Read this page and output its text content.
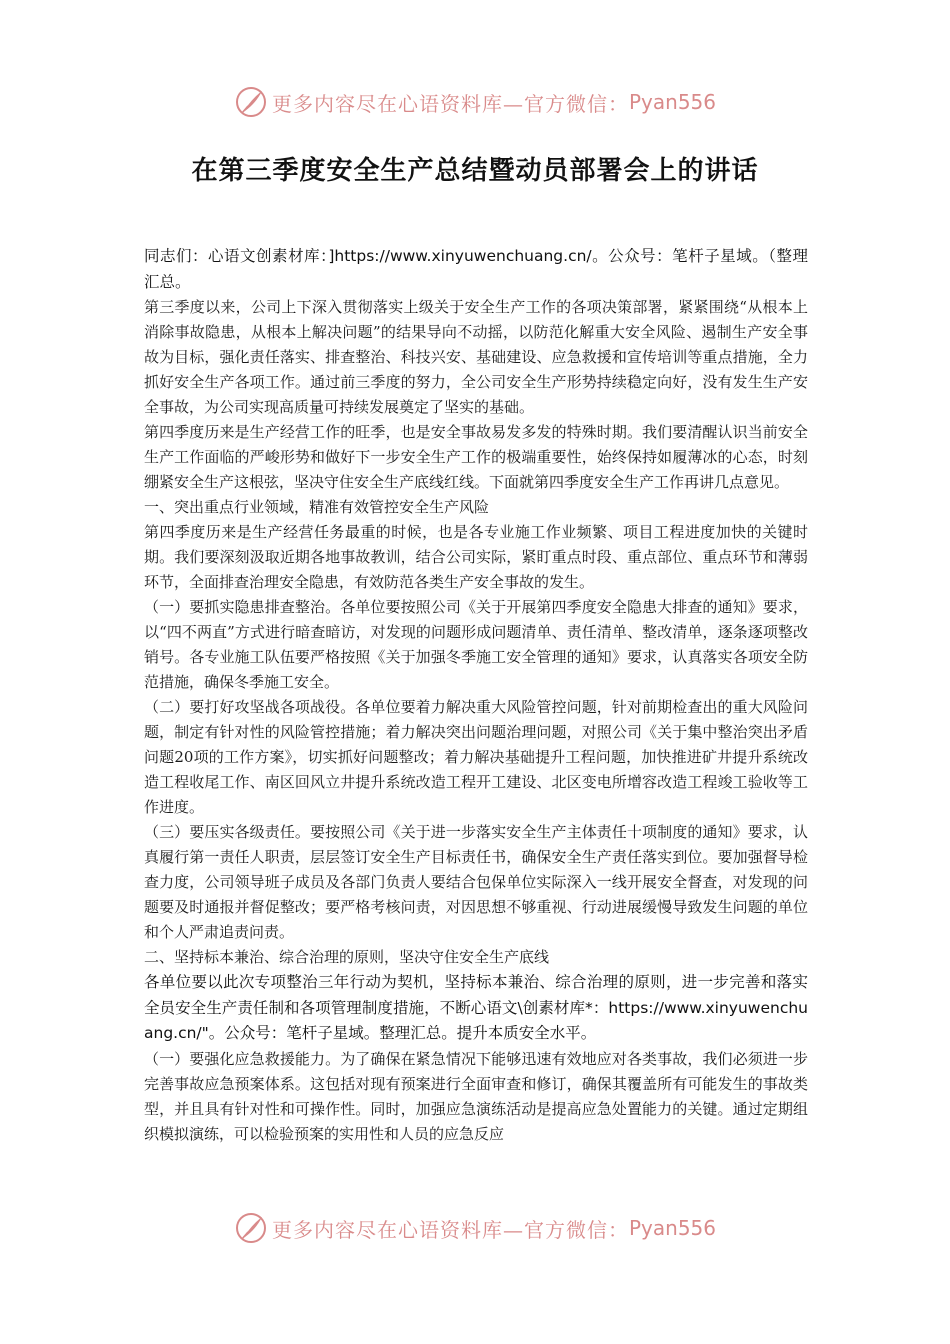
更多内容尽在心语资料库—官方微信： Pyan556
在第三季度安全生产总结暨动员部署会上的讲话

同志们：心语文创素材库：]https://www.xinyuwenchuang.cn/。公众号：笔杆子星域。（整理汇总。

第三季度以来，公司上下深入贯彻落实上级关于安全生产工作的各项决策部署，紧紧围绕“从根本上消除事故隐患，从根本上解决问题”的结果导向不动摇，以防范化解重大安全风险、遏制生产安全事故为目标，强化责任落实、排查整治、科技兴安、基础建设、应急救援和宣传培训等重点措施，全力抓好安全生产各项工作。通过前三季度的努力，全公司安全生产形势持续稳定向好，没有发生生产安全事故，为公司实现高质量可持续发展奠定了坚实的基础。

第四季度历来是生产经营工作的旺季，也是安全事故易发多发的特殊时期。我们要清醒认识当前安全生产工作面临的严峻形势和做好下一步安全生产工作的极端重要性，始终保持如履薄冰的心态，时刻绷紧安全生产这根弦，坚决守住安全生产底线红线。下面就第四季度安全生产工作再讲几点意见。

一、突出重点行业领域，精准有效管控安全生产风险

第四季度历来是生产经营任务最重的时候，也是各专业施工作业频繁、项目工程进度加快的关键时期。我们要深刻汲取近期各地事故教训，结合公司实际，紧盯重点时段、重点部位、重点环节和薄弱环节，全面排查治理安全隐患，有效防范各类生产安全事故的发生。

（一）要抓实隐患排查整治。各单位要按照公司《关于开展第四季度安全隐患大排查的通知》要求，以“四不两直”方式进行暗查暗访，对发现的问题形成问题清单、责任清单、整改清单，逐条逐项整改销号。各专业施工队伍要严格按照《关于加强冬季施工安全管理的通知》要求，认真落实各项安全防范措施，确保冬季施工安全。

（二）要打好攻坚战各项战役。各单位要着力解决重大风险管控问题，针对前期检查出的重大风险问题，制定有针对性的风险管控措施；着力解决突出问题治理问题，对照公司《关于集中整治突出矛盾问题20项的工作方案》，切实抓好问题整改；着力解决基础提升工程问题，加快推进矿井提升系统改造工程收尾工作、南区回风立井提升系统改造工程开工建设、北区变电所增容改造工程竣工验收等工作进度。

（三）要压实各级责任。要按照公司《关于进一步落实安全生产主体责任十项制度的通知》要求，认真履行第一责任人职责，层层签订安全生产目标责任书，确保安全生产责任落实到位。要加强督导检查力度，公司领导班子成员及各部门负责人要结合包保单位实际深入一线开展安全督查，对发现的问题要及时通报并督促整改；要严格考核问责，对因思想不够重视、行动进展缓慢导致发生问题的单位和个人严肃追责问责。

二、坚持标本兼治、综合治理的原则，坚决守住安全生产底线

各单位要以此次专项整治三年行动为契机，坚持标本兼治、综合治理的原则，进一步完善和落实全员安全生产责任制和各项管理制度措施，不断心语文\创素材库*：https://www.xinyuwenchuang.cn/"。公众号：笔杆子星域。整理汇总。提升本质安全水平。

（一）要强化应急救援能力。为了确保在紧急情况下能够迅速有效地应对各类事故，我们必须进一步完善事故应急预案体系。这包括对现有预案进行全面审查和修订，确保其覆盖所有可能发生的事故类型，并且具有针对性和可操作性。同时，加强应急演练活动是提高应急处置能力的关键。通过定期组织模拟演练，可以检验预案的实用性和人员的应急反应

更多内容尽在心语资料库—官方微信： Pyan556
